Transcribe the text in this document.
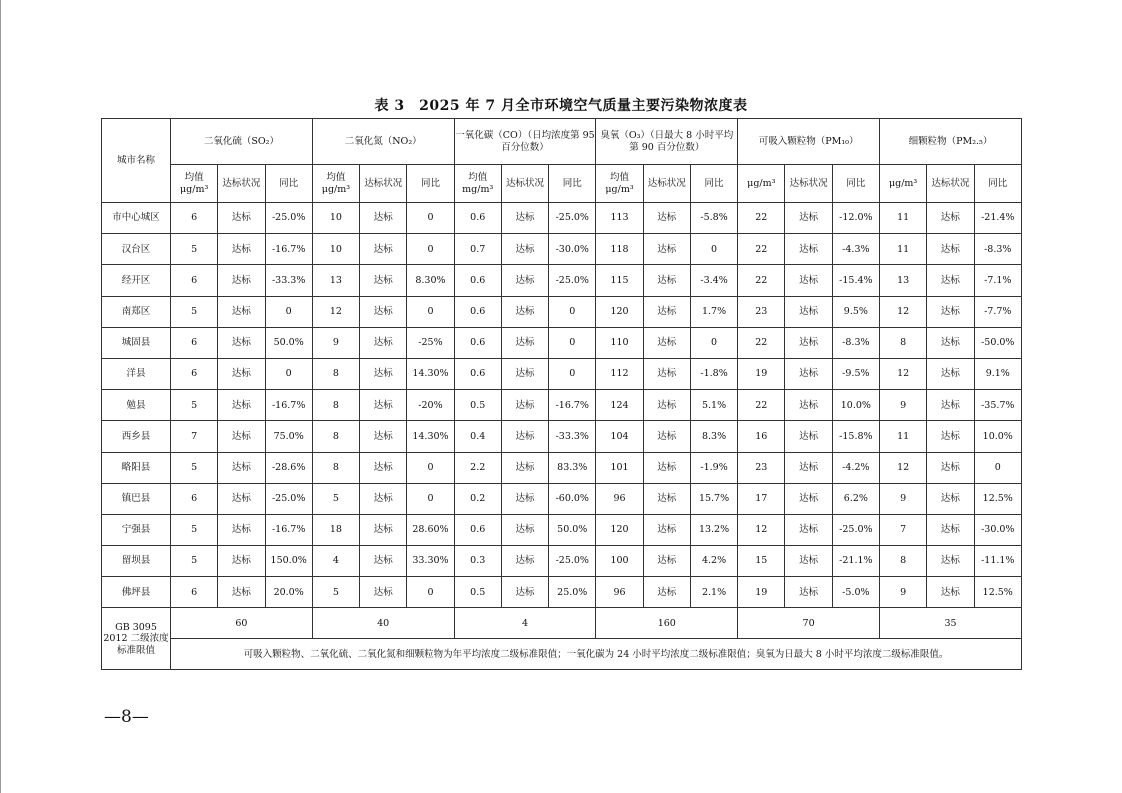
表 3　2025 年 7 月全市环境空气质量主要污染物浓度表
城市名称	二氧化硫（SO₂）			二氧化氮（NO₂）			一氧化碳（CO）（日均浓度第 95 百分位数）			臭氧（O₃）（日最大 8 小时平均第 90 百分位数）			可吸入颗粒物（PM₁₀）			细颗粒物（PM₂.₅）		
	均值μg/m³	达标状况	同比	均值μg/m³	达标状况	同比	均值mg/m³	达标状况	同比	均值μg/m³	达标状况	同比	μg/m³	达标状况	同比	μg/m³	达标状况	同比
市中心城区	6	达标	-25.0%	10	达标	0	0.6	达标	-25.0%	113	达标	-5.8%	22	达标	-12.0%	11	达标	-21.4%
汉台区	5	达标	-16.7%	10	达标	0	0.7	达标	-30.0%	118	达标	0	22	达标	-4.3%	11	达标	-8.3%
经开区	6	达标	-33.3%	13	达标	8.30%	0.6	达标	-25.0%	115	达标	-3.4%	22	达标	-15.4%	13	达标	-7.1%
南郑区	5	达标	0	12	达标	0	0.6	达标	0	120	达标	1.7%	23	达标	9.5%	12	达标	-7.7%
城固县	6	达标	50.0%	9	达标	-25%	0.6	达标	0	110	达标	0	22	达标	-8.3%	8	达标	-50.0%
洋县	6	达标	0	8	达标	14.30%	0.6	达标	0	112	达标	-1.8%	19	达标	-9.5%	12	达标	9.1%
勉县	5	达标	-16.7%	8	达标	-20%	0.5	达标	-16.7%	124	达标	5.1%	22	达标	10.0%	9	达标	-35.7%
西乡县	7	达标	75.0%	8	达标	14.30%	0.4	达标	-33.3%	104	达标	8.3%	16	达标	-15.8%	11	达标	10.0%
略阳县	5	达标	-28.6%	8	达标	0	2.2	达标	83.3%	101	达标	-1.9%	23	达标	-4.2%	12	达标	0
镇巴县	6	达标	-25.0%	5	达标	0	0.2	达标	-60.0%	96	达标	15.7%	17	达标	6.2%	9	达标	12.5%
宁强县	5	达标	-16.7%	18	达标	28.60%	0.6	达标	50.0%	120	达标	13.2%	12	达标	-25.0%	7	达标	-30.0%
留坝县	5	达标	150.0%	4	达标	33.30%	0.3	达标	-25.0%	100	达标	4.2%	15	达标	-21.1%	8	达标	-11.1%
佛坪县	6	达标	20.0%	5	达标	0	0.5	达标	25.0%	96	达标	2.1%	19	达标	-5.0%	9	达标	12.5%
GB 3095 2012 二级浓度标准限值	60			40			4			160			70			35		
	可吸入颗粒物、二氧化硫、二氧化氮和细颗粒物为年平均浓度二级标准限值；一氧化碳为 24 小时平均浓度二级标准限值；臭氧为日最大 8 小时平均浓度二级标准限值。																	
—8—
